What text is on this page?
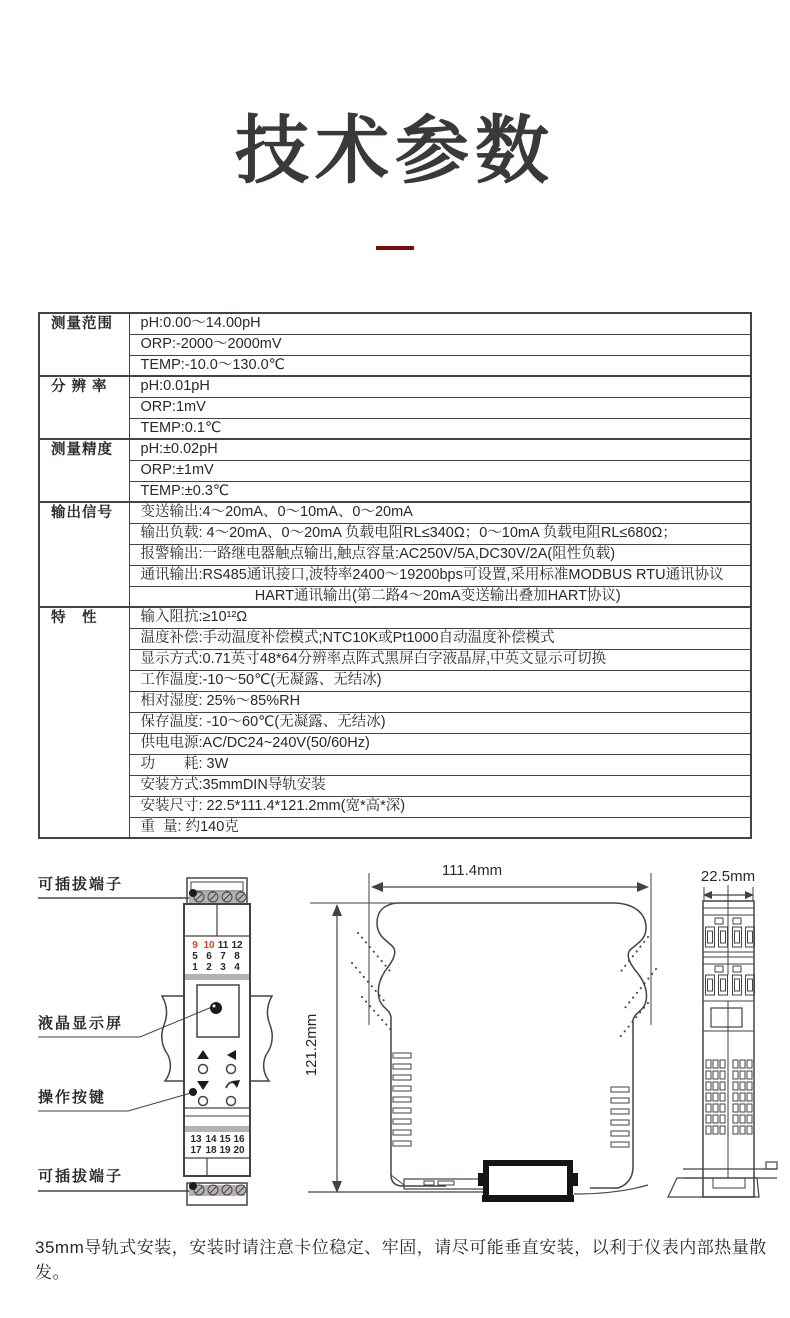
技术参数
测量范围	pH:0.00～14.00pH
	ORP:-2000～2000mV
	TEMP:-10.0～130.0℃
分 辨 率	pH:0.01pH
	ORP:1mV
	TEMP:0.1℃
测量精度	pH:±0.02pH
	ORP:±1mV
	TEMP:±0.3℃
输出信号	变送输出:4～20mA、0～10mA、0～20mA
	输出负载: 4～20mA、0～20mA 负载电阻RL≤340Ω；0～10mA 负载电阻RL≤680Ω；
	报警输出:一路继电器触点输出,触点容量:AC250V/5A,DC30V/2A(阻性负载)
	通讯输出:RS485通讯接口,波特率2400～19200bps可设置,采用标准MODBUS RTU通讯协议
	HART通讯输出(第二路4～20mA变送输出叠加HART协议)
特　性	输入阻抗:≥10¹²Ω
	温度补偿:手动温度补偿模式;NTC10K或Pt1000自动温度补偿模式
	显示方式:0.71英寸48*64分辨率点阵式黑屏白字液晶屏,中英文显示可切换
	工作温度:-10～50℃(无凝露、无结冰)
	相对湿度: 25%～85%RH
	保存温度: -10～60℃(无凝露、无结冰)
	供电电源:AC/DC24~240V(50/60Hz)
	功　　耗: 3W
	安装方式:35mmDIN导轨安装
	安装尺寸: 22.5*111.4*121.2mm(宽*高*深)
	重  量: 约140克
可插拔端子
液晶显示屏
操作按键
可插拔端子
9 10 11 12
5 6 7 8
1 2 3 4
13 14 15 16
17 18 19 20
111.4mm
121.2mm
22.5mm

35mm导轨式安装，安装时请注意卡位稳定、牢固，请尽可能垂直安装，以利于仪表内部热量散发。
